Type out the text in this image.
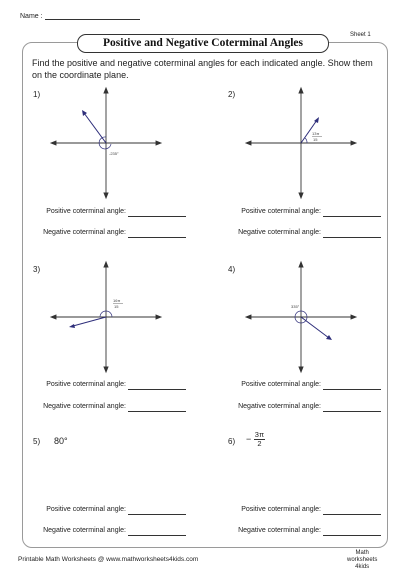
Name :
Sheet 1
Positive and Negative Coterminal Angles
Find the positive and negative coterminal angles for each indicated angle. Show them on the coordinate plane.
1)	2)
3)	4)
5)	6)
80°	− $\frac{3\pi}{2}$
-235°
13π
15
16π
15	335°
Positive coterminal angle:
Negative coterminal angle:
Positive coterminal angle:
Negative coterminal angle:
Positive coterminal angle:
Negative coterminal angle:
Positive coterminal angle:
Negative coterminal angle:
Positive coterminal angle:
Negative coterminal angle:
Positive coterminal angle:
Negative coterminal angle:
Printable Math Worksheets @ www.mathworksheets4kids.com
Math
worksheets
4kids
